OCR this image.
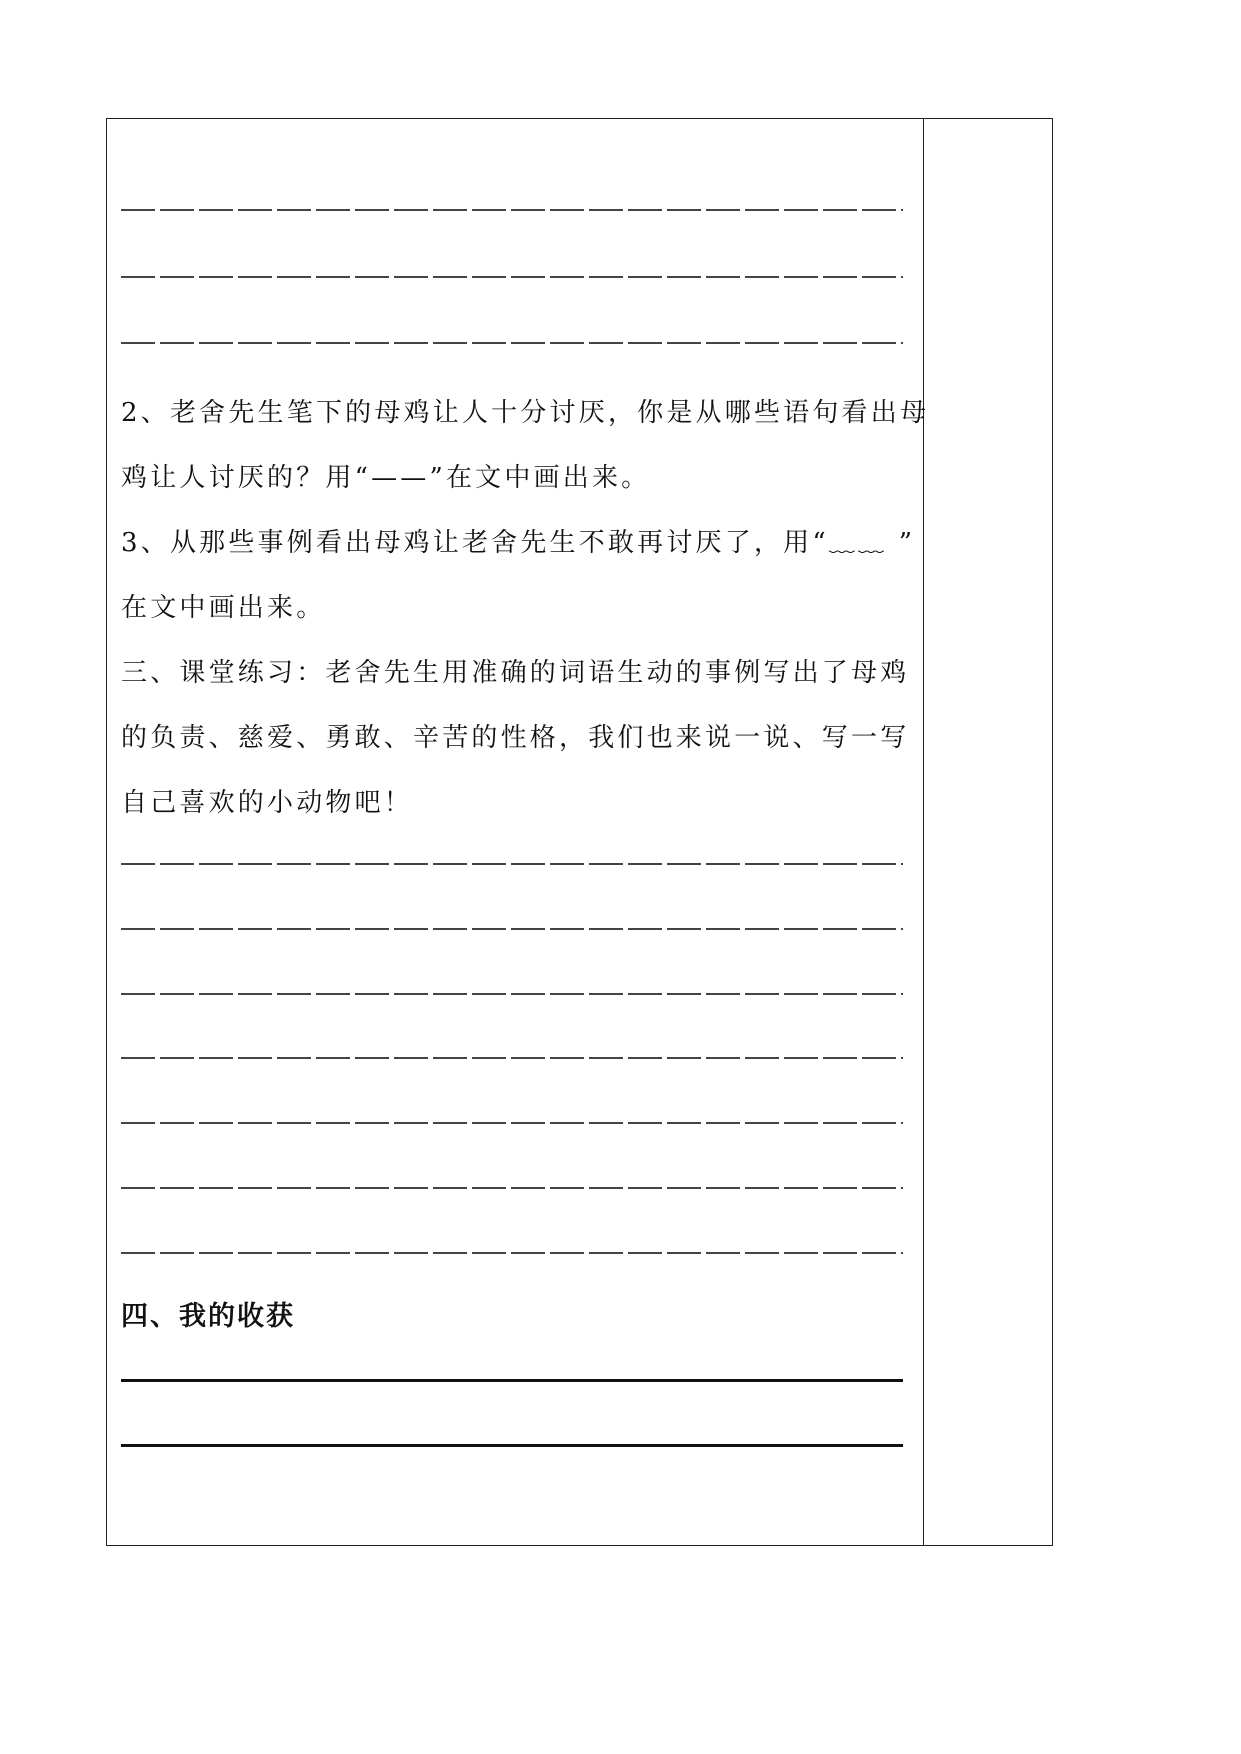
2、老舍先生笔下的母鸡让人十分讨厌，你是从哪些语句看出母
鸡让人讨厌的？用“——”在文中画出来。
3、从那些事例看出母鸡让老舍先生不敢再讨厌了，用“﹏﹏ ”
在文中画出来。
三、课堂练习：老舍先生用准确的词语生动的事例写出了母鸡
的负责、慈爱、勇敢、辛苦的性格，我们也来说一说、写一写
自己喜欢的小动物吧！
四、我的收获
